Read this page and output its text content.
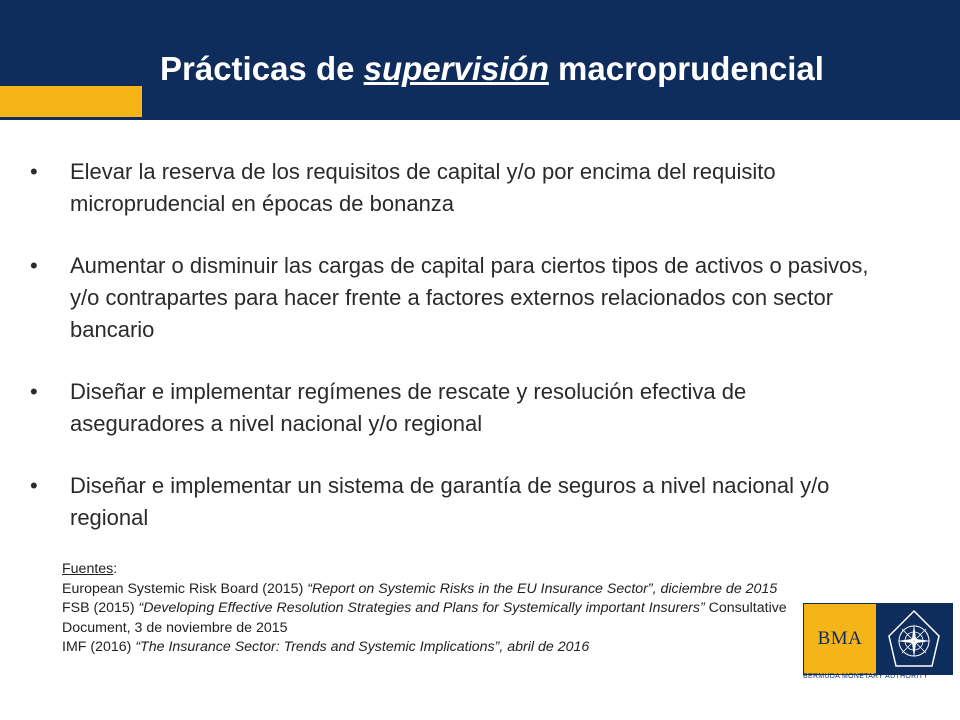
Prácticas de supervisión macroprudencial
• Elevar la reserva de los requisitos de capital y/o por encima del requisito microprudencial en épocas de bonanza
• Aumentar o disminuir las cargas de capital para ciertos tipos de activos o pasivos, y/o contrapartes para hacer frente a factores externos relacionados con sector bancario
• Diseñar e implementar regímenes de rescate y resolución efectiva de aseguradores a nivel nacional y/o regional
• Diseñar e implementar un sistema de garantía de seguros a nivel nacional y/o regional
Fuentes:
European Systemic Risk Board (2015) “Report on Systemic Risks in the EU Insurance Sector”, diciembre de 2015
FSB (2015) “Developing Effective Resolution Strategies and Plans for Systemically important Insurers” Consultative Document, 3 de noviembre de 2015
IMF (2016) “The Insurance Sector: Trends and Systemic Implications”, abril de 2016	BMA
BERMUDA MONETARY AUTHORITY
